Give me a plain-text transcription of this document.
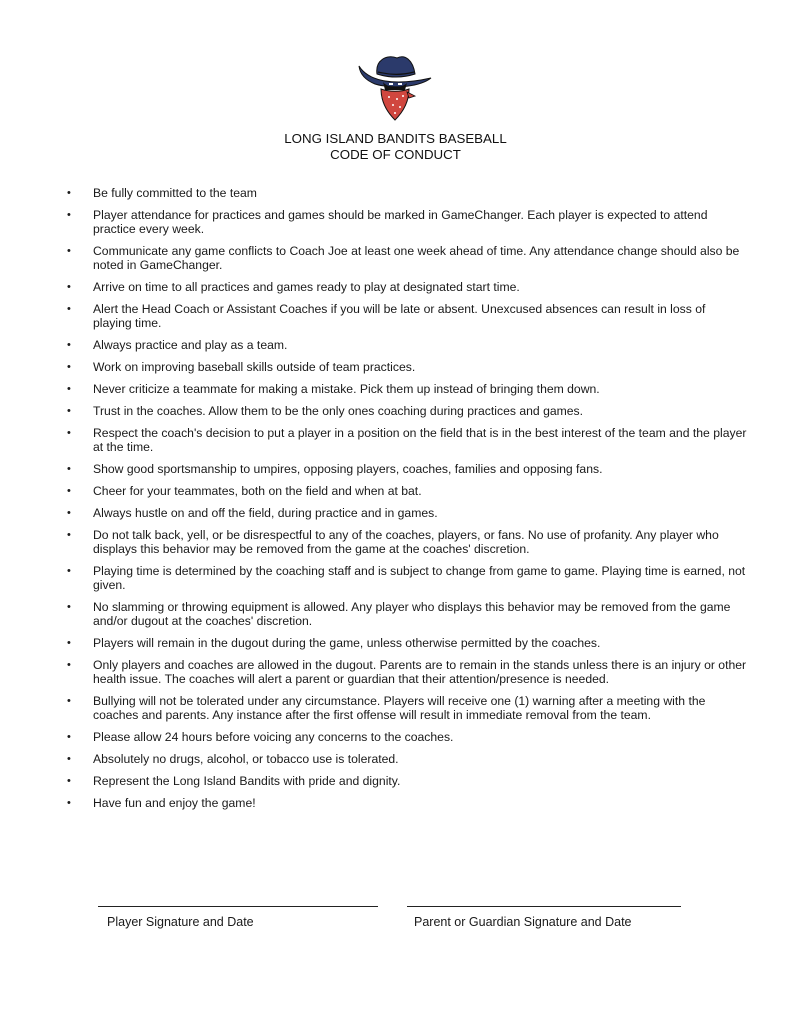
LONG ISLAND BANDITS BASEBALL
CODE OF CONDUCT
• Be fully committed to the team
• Player attendance for practices and games should be marked in GameChanger. Each player is expected to attend practice every week.
• Communicate any game conflicts to Coach Joe at least one week ahead of time. Any attendance change should also be noted in GameChanger.
• Arrive on time to all practices and games ready to play at designated start time.
• Alert the Head Coach or Assistant Coaches if you will be late or absent. Unexcused absences can result in loss of playing time.
• Always practice and play as a team.
• Work on improving baseball skills outside of team practices.
• Never criticize a teammate for making a mistake. Pick them up instead of bringing them down.
• Trust in the coaches. Allow them to be the only ones coaching during practices and games.
• Respect the coach's decision to put a player in a position on the field that is in the best interest of the team and the player at the time.
• Show good sportsmanship to umpires, opposing players, coaches, families and opposing fans.
• Cheer for your teammates, both on the field and when at bat.
• Always hustle on and off the field, during practice and in games.
• Do not talk back, yell, or be disrespectful to any of the coaches, players, or fans. No use of profanity. Any player who displays this behavior may be removed from the game at the coaches' discretion.
• Playing time is determined by the coaching staff and is subject to change from game to game. Playing time is earned, not given.
• No slamming or throwing equipment is allowed. Any player who displays this behavior may be removed from the game and/or dugout at the coaches' discretion.
• Players will remain in the dugout during the game, unless otherwise permitted by the coaches.
• Only players and coaches are allowed in the dugout. Parents are to remain in the stands unless there is an injury or other health issue. The coaches will alert a parent or guardian that their attention/presence is needed.
• Bullying will not be tolerated under any circumstance. Players will receive one (1) warning after a meeting with the coaches and parents. Any instance after the first offense will result in immediate removal from the team.
• Please allow 24 hours before voicing any concerns to the coaches.
• Absolutely no drugs, alcohol, or tobacco use is tolerated.
• Represent the Long Island Bandits with pride and dignity.
• Have fun and enjoy the game!
Player Signature and Date	Parent or Guardian Signature and Date
